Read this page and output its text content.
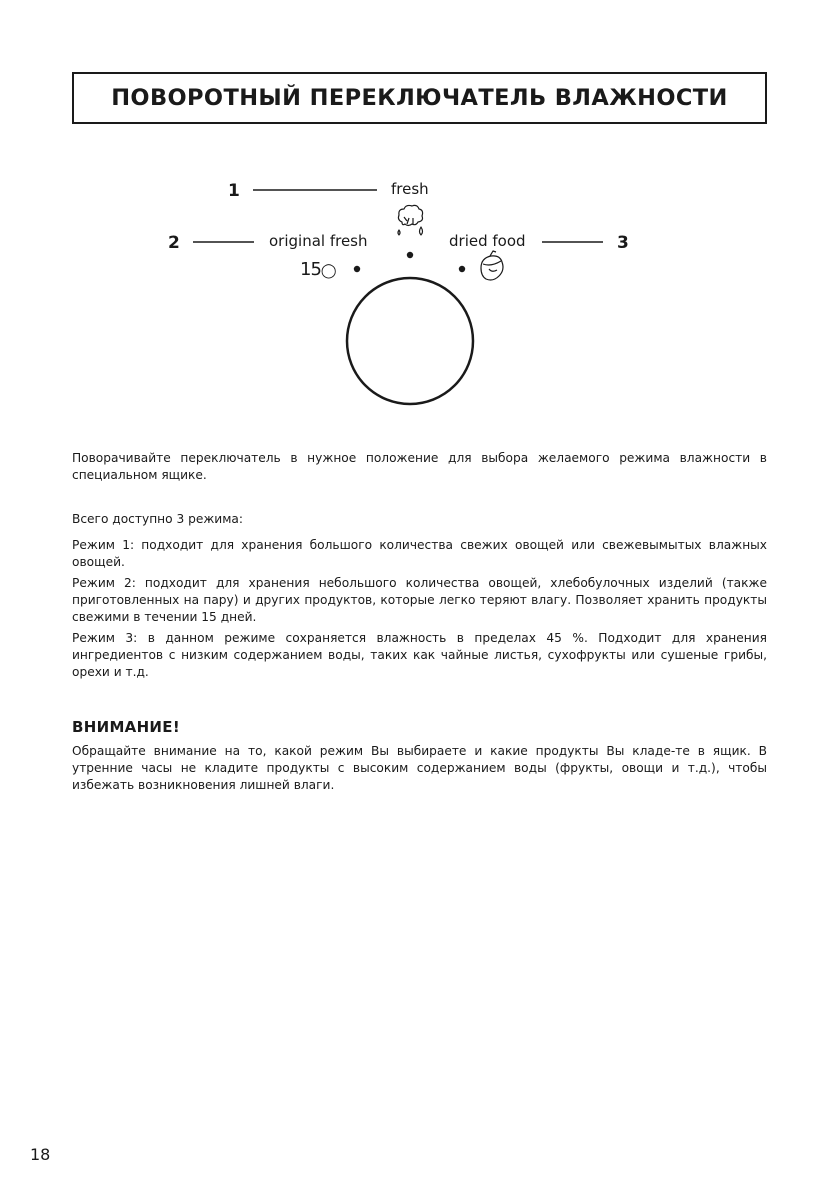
ПОВОРОТНЫЙ ПЕРЕКЛЮЧАТЕЛЬ ВЛАЖНОСТИ
1	fresh
2	original fresh	3
dried food
15◯

Поворачивайте переключатель в нужное положение для выбора желаемого режима влажности в специальном ящике.

Всего доступно 3 режима:

Режим 1: подходит для хранения большого количества свежих овощей или свежевымытых влажных овощей.

Режим 2: подходит для хранения небольшого количества овощей, хлебобулочных изделий (также приготовленных на пару) и других продуктов, которые легко теряют влагу. Позволяет хранить продукты свежими в течении 15 дней.

Режим 3: в данном режиме сохраняется влажность в пределах 45 %. Подходит для хранения ингредиентов с низким содержанием воды, таких как чайные листья, сухофрукты или сушеные грибы, орехи и т.д.

ВНИМАНИЕ!

Обращайте внимание на то, какой режим Вы выбираете и какие продукты Вы кладе-те в ящик. В утренние часы не кладите продукты с высоким содержанием воды (фрукты, овощи и т.д.), чтобы избежать возникновения лишней влаги.

18
